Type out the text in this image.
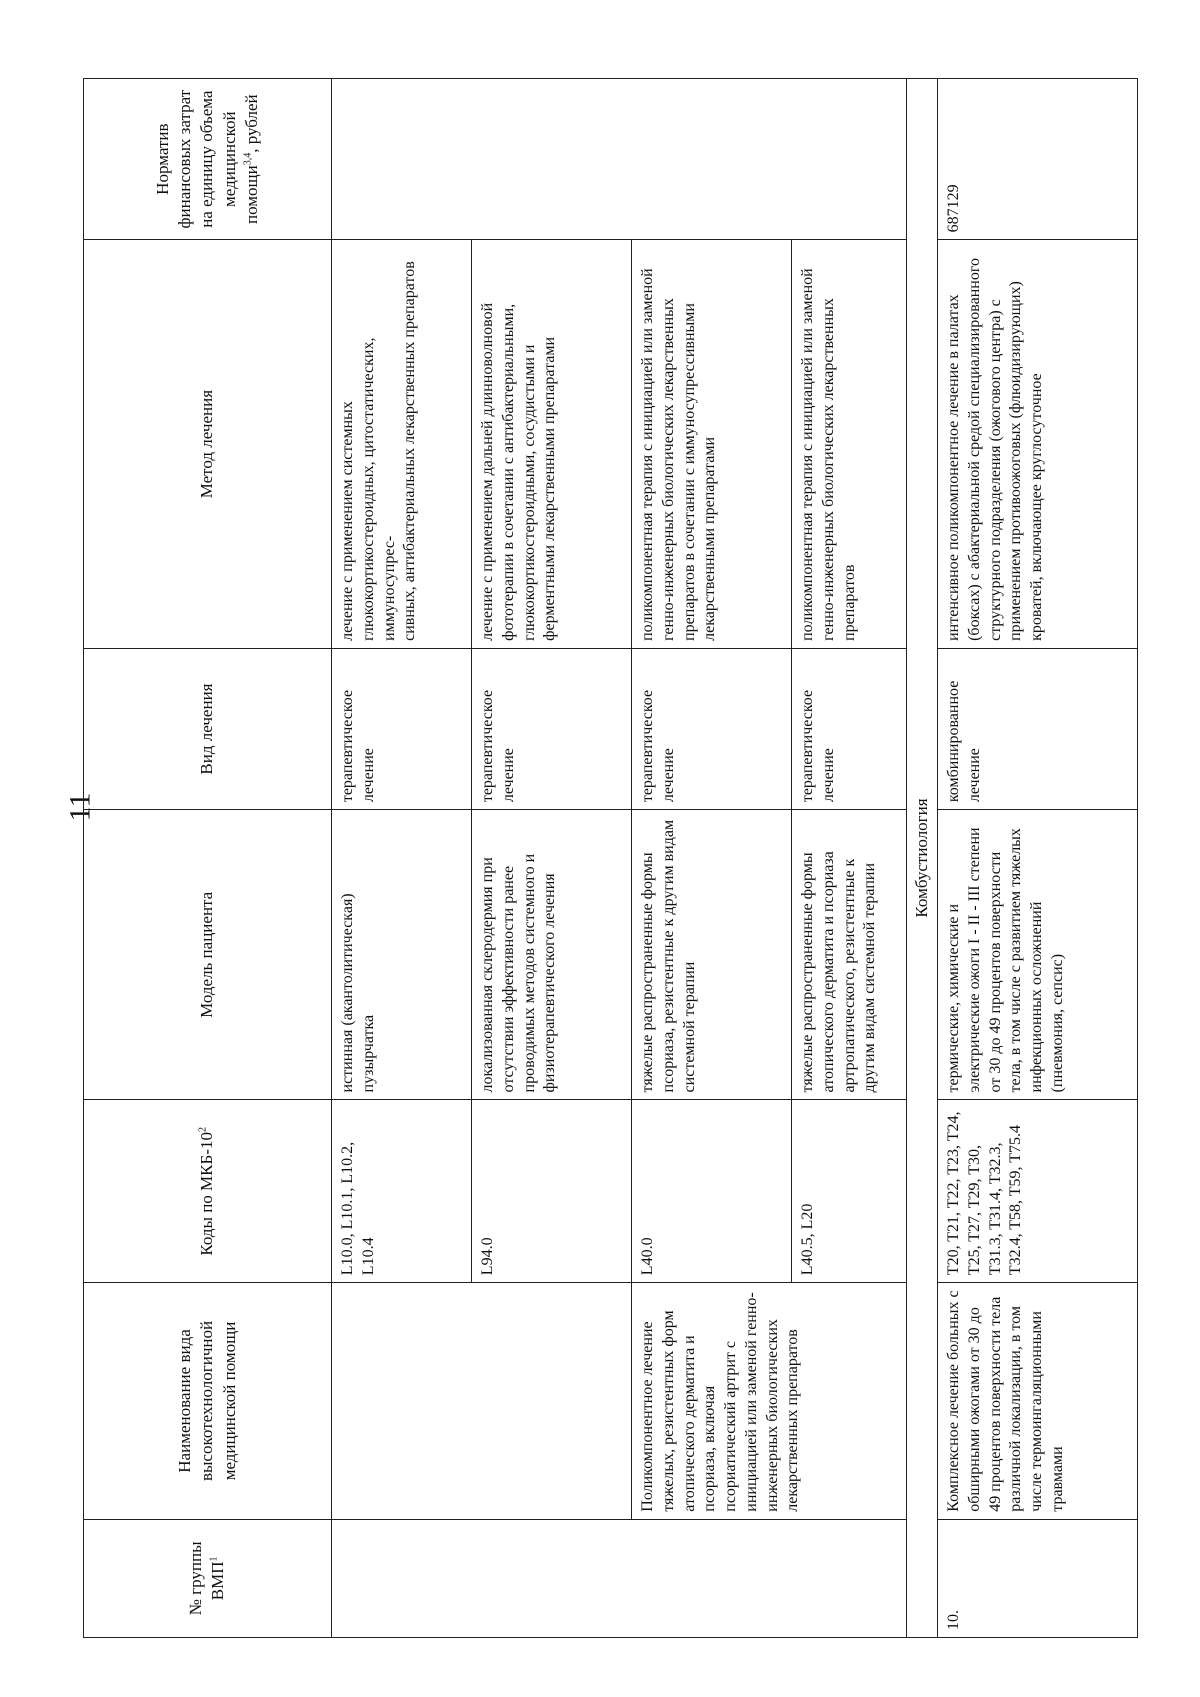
11
№ группы ВМП$^1$	Наименование вида высокотехнологичной медицинской помощи	Коды по МКБ-$10^2$	Модель пациента	Вид лечения	Метод лечения	Норматив финансовых затрат на единицу объема медицинской помощи$^{3,4}$, рублей
		L10.0, L10.1, L10.2, L10.4	истинная (акантолитическая) пузырчатка	терапевтическое лечение	лечение с применением системных глюкокортикостероидных, цитостатических, иммуносупрес-
сивных, антибактериальных лекарственных препаратов	
		L94.0	локализованная склеродермия при отсутствии эффективности ранее проводимых методов системного и физиотерапевтического лечения	терапевтическое лечение	лечение с применением дальней длинноволновой фототерапии в сочетании с антибактериальными, глюкокортикостероидными, сосудистыми и ферментными лекарственными препаратами	
	Поликомпонентное лечение тяжелых, резистентных форм атопического дерматита и псориаза, включая псориатический артрит с инициацией или заменой генно-инженерных биологических лекарственных препаратов	L40.0	тяжелые распространенные формы псориаза, резистентные к другим видам системной терапии	терапевтическое лечение	поликомпонентная терапия с инициацией или заменой генно-инженерных биологических лекарственных препаратов в сочетании с иммуносупрессивными лекарственными препаратами	
		L40.5, L20	тяжелые распространенные формы атопического дерматита и псориаза артропатического, резистентные к другим видам системной терапии	терапевтическое лечение	поликомпонентная терапия с инициацией или заменой генно-инженерных биологических лекарственных препаратов	
Комбустиология						
10.	Комплексное лечение больных с обширными ожогами от 30 до 49 процентов поверхности тела различной локализации, в том числе термоингаляционными травмами	T20, T21, T22, T23, T24, T25, T27, T29, T30, T31.3, T31.4, T32.3, T32.4, T58, T59, T75.4	термические, химические и электрические ожоги I - II - III степени от 30 до 49 процентов поверхности тела, в том числе с развитием тяжелых инфекционных осложнений (пневмония, сепсис)	комбинированное лечение	интенсивное поликомпонентное лечение в палатах (боксах) с абактериальной средой специализированного структурного подразделения (ожогового центра) с применением противоожоговых (флюидизирующих) кроватей, включающее круглосуточное	687129
